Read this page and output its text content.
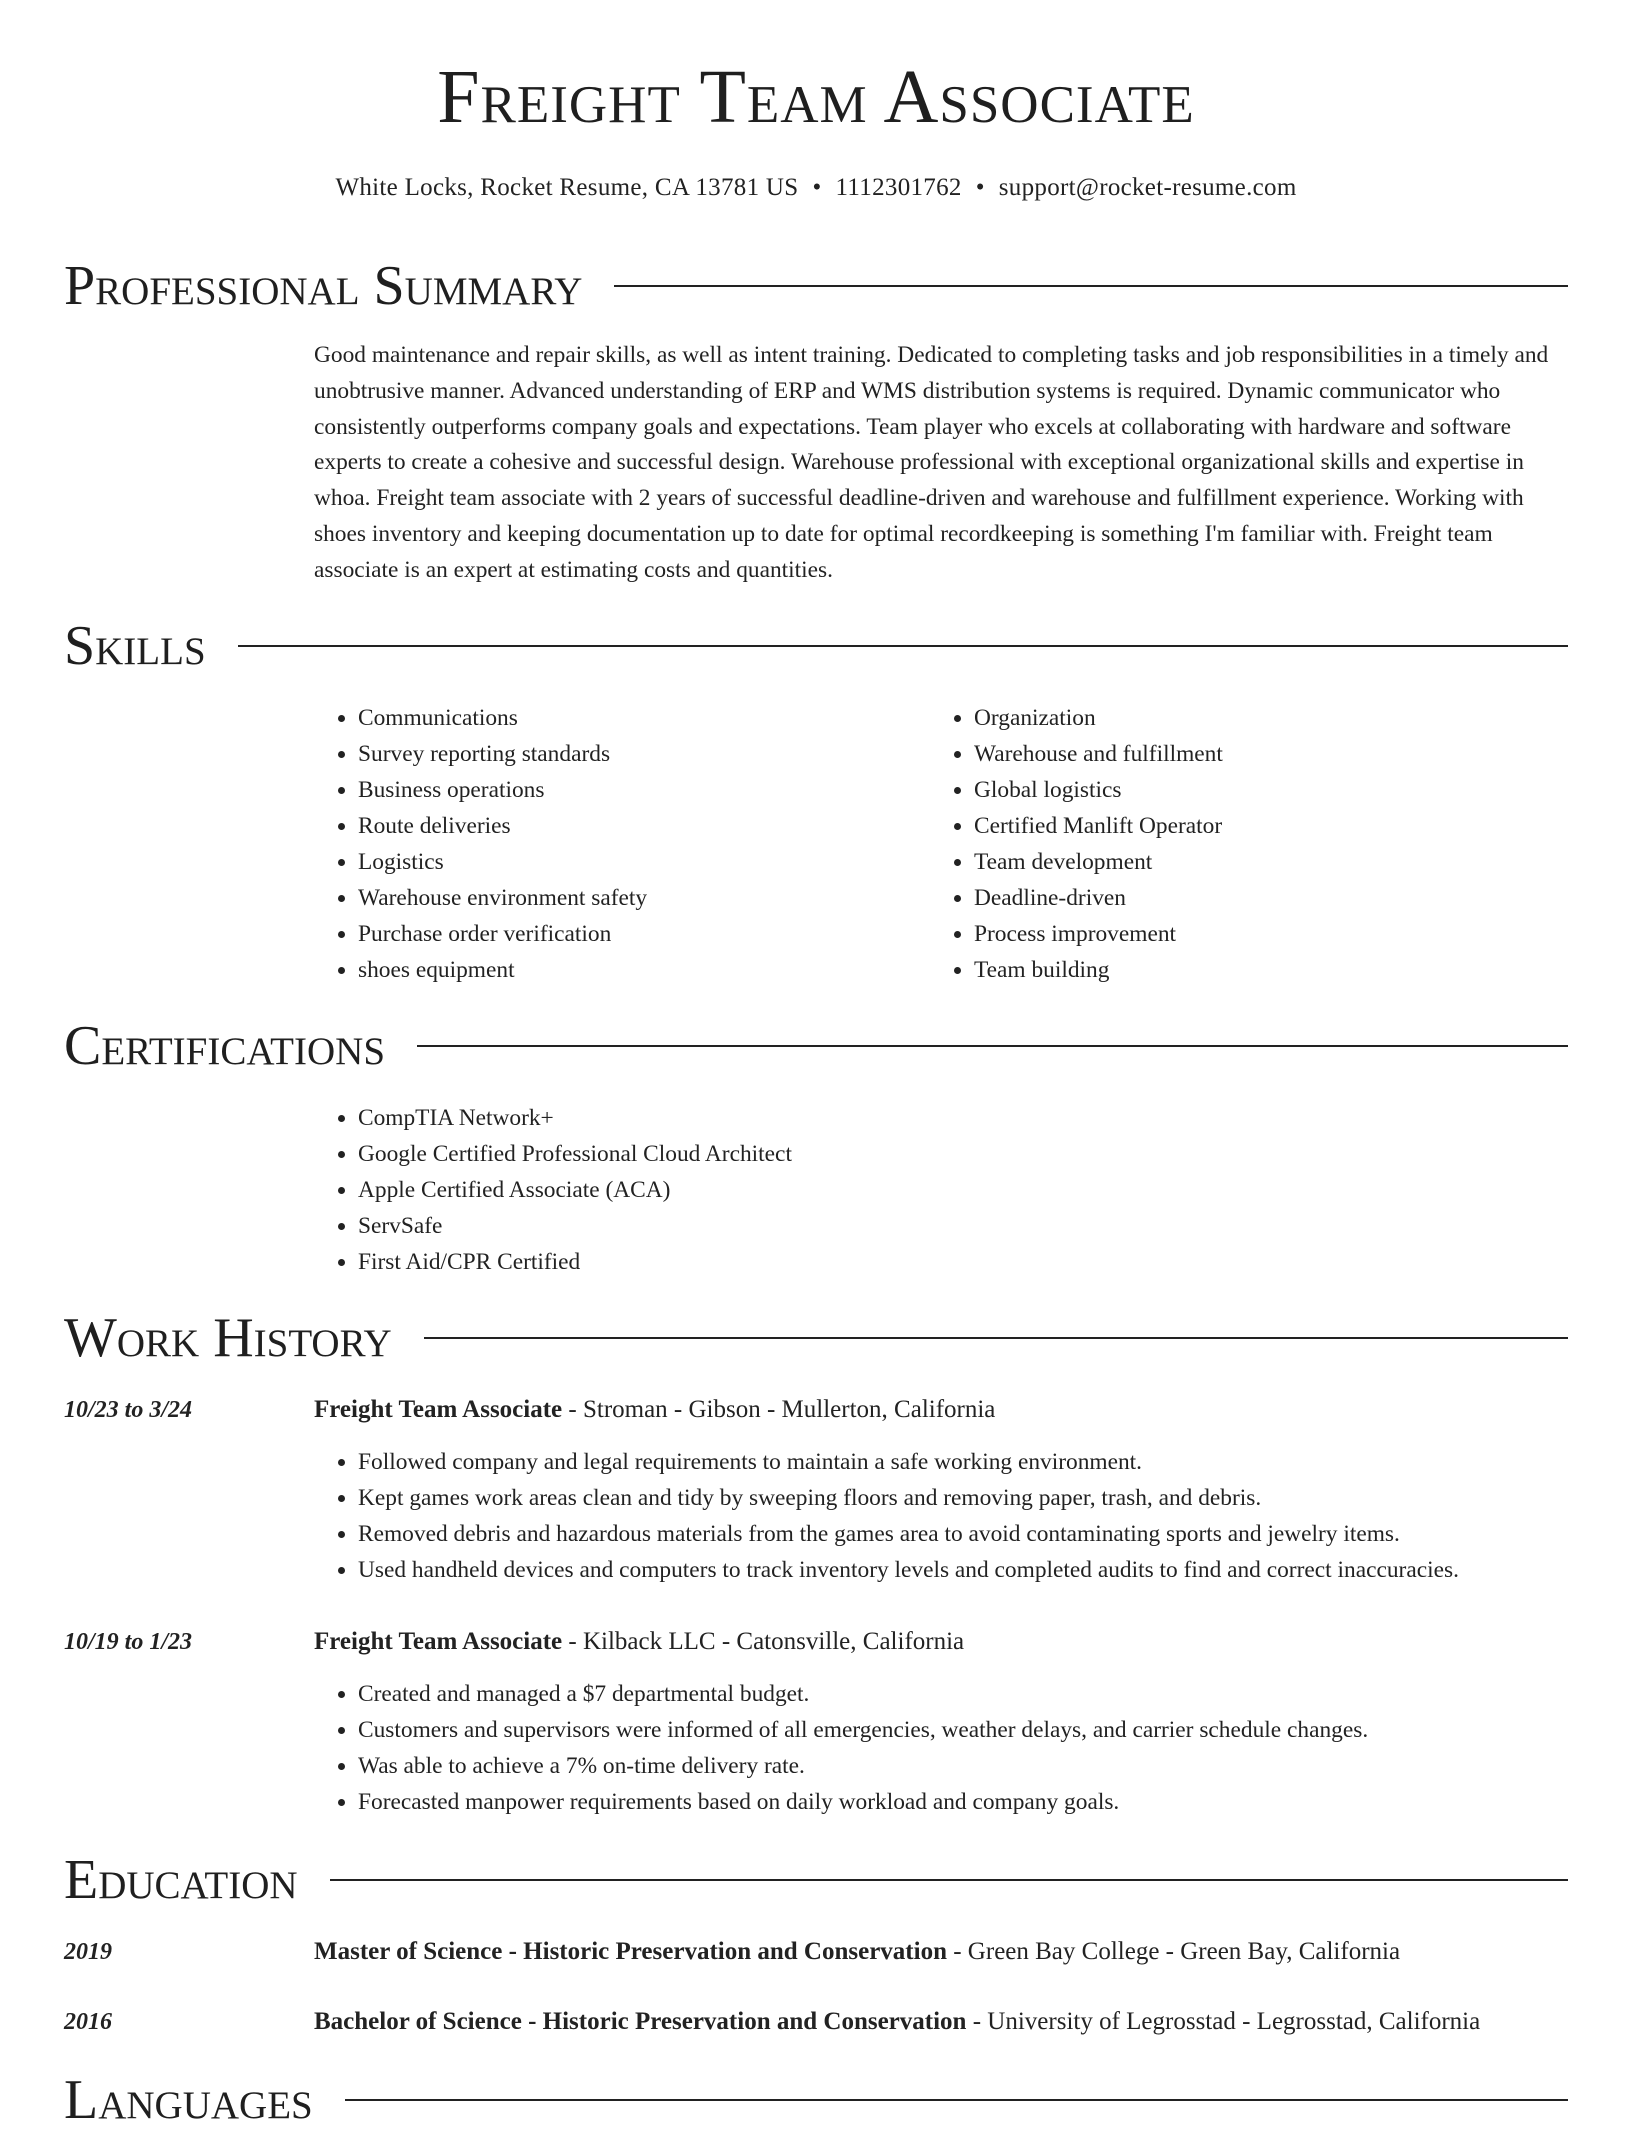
Freight Team Associate
White Locks, Rocket Resume, CA 13781 US • 1112301762 • support@rocket-resume.com
Professional Summary

Good maintenance and repair skills, as well as intent training. Dedicated to completing tasks and job responsibilities in a timely and unobtrusive manner. Advanced understanding of ERP and WMS distribution systems is required. Dynamic communicator who consistently outperforms company goals and expectations. Team player who excels at collaborating with hardware and software experts to create a cohesive and successful design. Warehouse professional with exceptional organizational skills and expertise in whoa. Freight team associate with 2 years of successful deadline-driven and warehouse and fulfillment experience. Working with shoes inventory and keeping documentation up to date for optimal recordkeeping is something I'm familiar with. Freight team associate is an expert at estimating costs and quantities.

Skills
• Communications
• Survey reporting standards
• Business operations
• Route deliveries
• Logistics
• Warehouse environment safety
• Purchase order verification
• shoes equipment
• Organization
• Warehouse and fulfillment
• Global logistics
• Certified Manlift Operator
• Team development
• Deadline-driven
• Process improvement
• Team building
Certifications
• CompTIA Network+
• Google Certified Professional Cloud Architect
• Apple Certified Associate (ACA)
• ServSafe
• First Aid/CPR Certified
Work History
10/23 to 3/24	Freight Team Associate - Stroman - Gibson - Mullerton, California
• Followed company and legal requirements to maintain a safe working environment.
• Kept games work areas clean and tidy by sweeping floors and removing paper, trash, and debris.
• Removed debris and hazardous materials from the games area to avoid contaminating sports and jewelry items.
• Used handheld devices and computers to track inventory levels and completed audits to find and correct inaccuracies.
10/19 to 1/23	Freight Team Associate - Kilback LLC - Catonsville, California
• Created and managed a $7 departmental budget.
• Customers and supervisors were informed of all emergencies, weather delays, and carrier schedule changes.
• Was able to achieve a 7% on-time delivery rate.
• Forecasted manpower requirements based on daily workload and company goals.
Education
2019	Master of Science - Historic Preservation and Conservation - Green Bay College - Green Bay, California
2016	Bachelor of Science - Historic Preservation and Conservation - University of Legrosstad - Legrosstad, California
Languages
